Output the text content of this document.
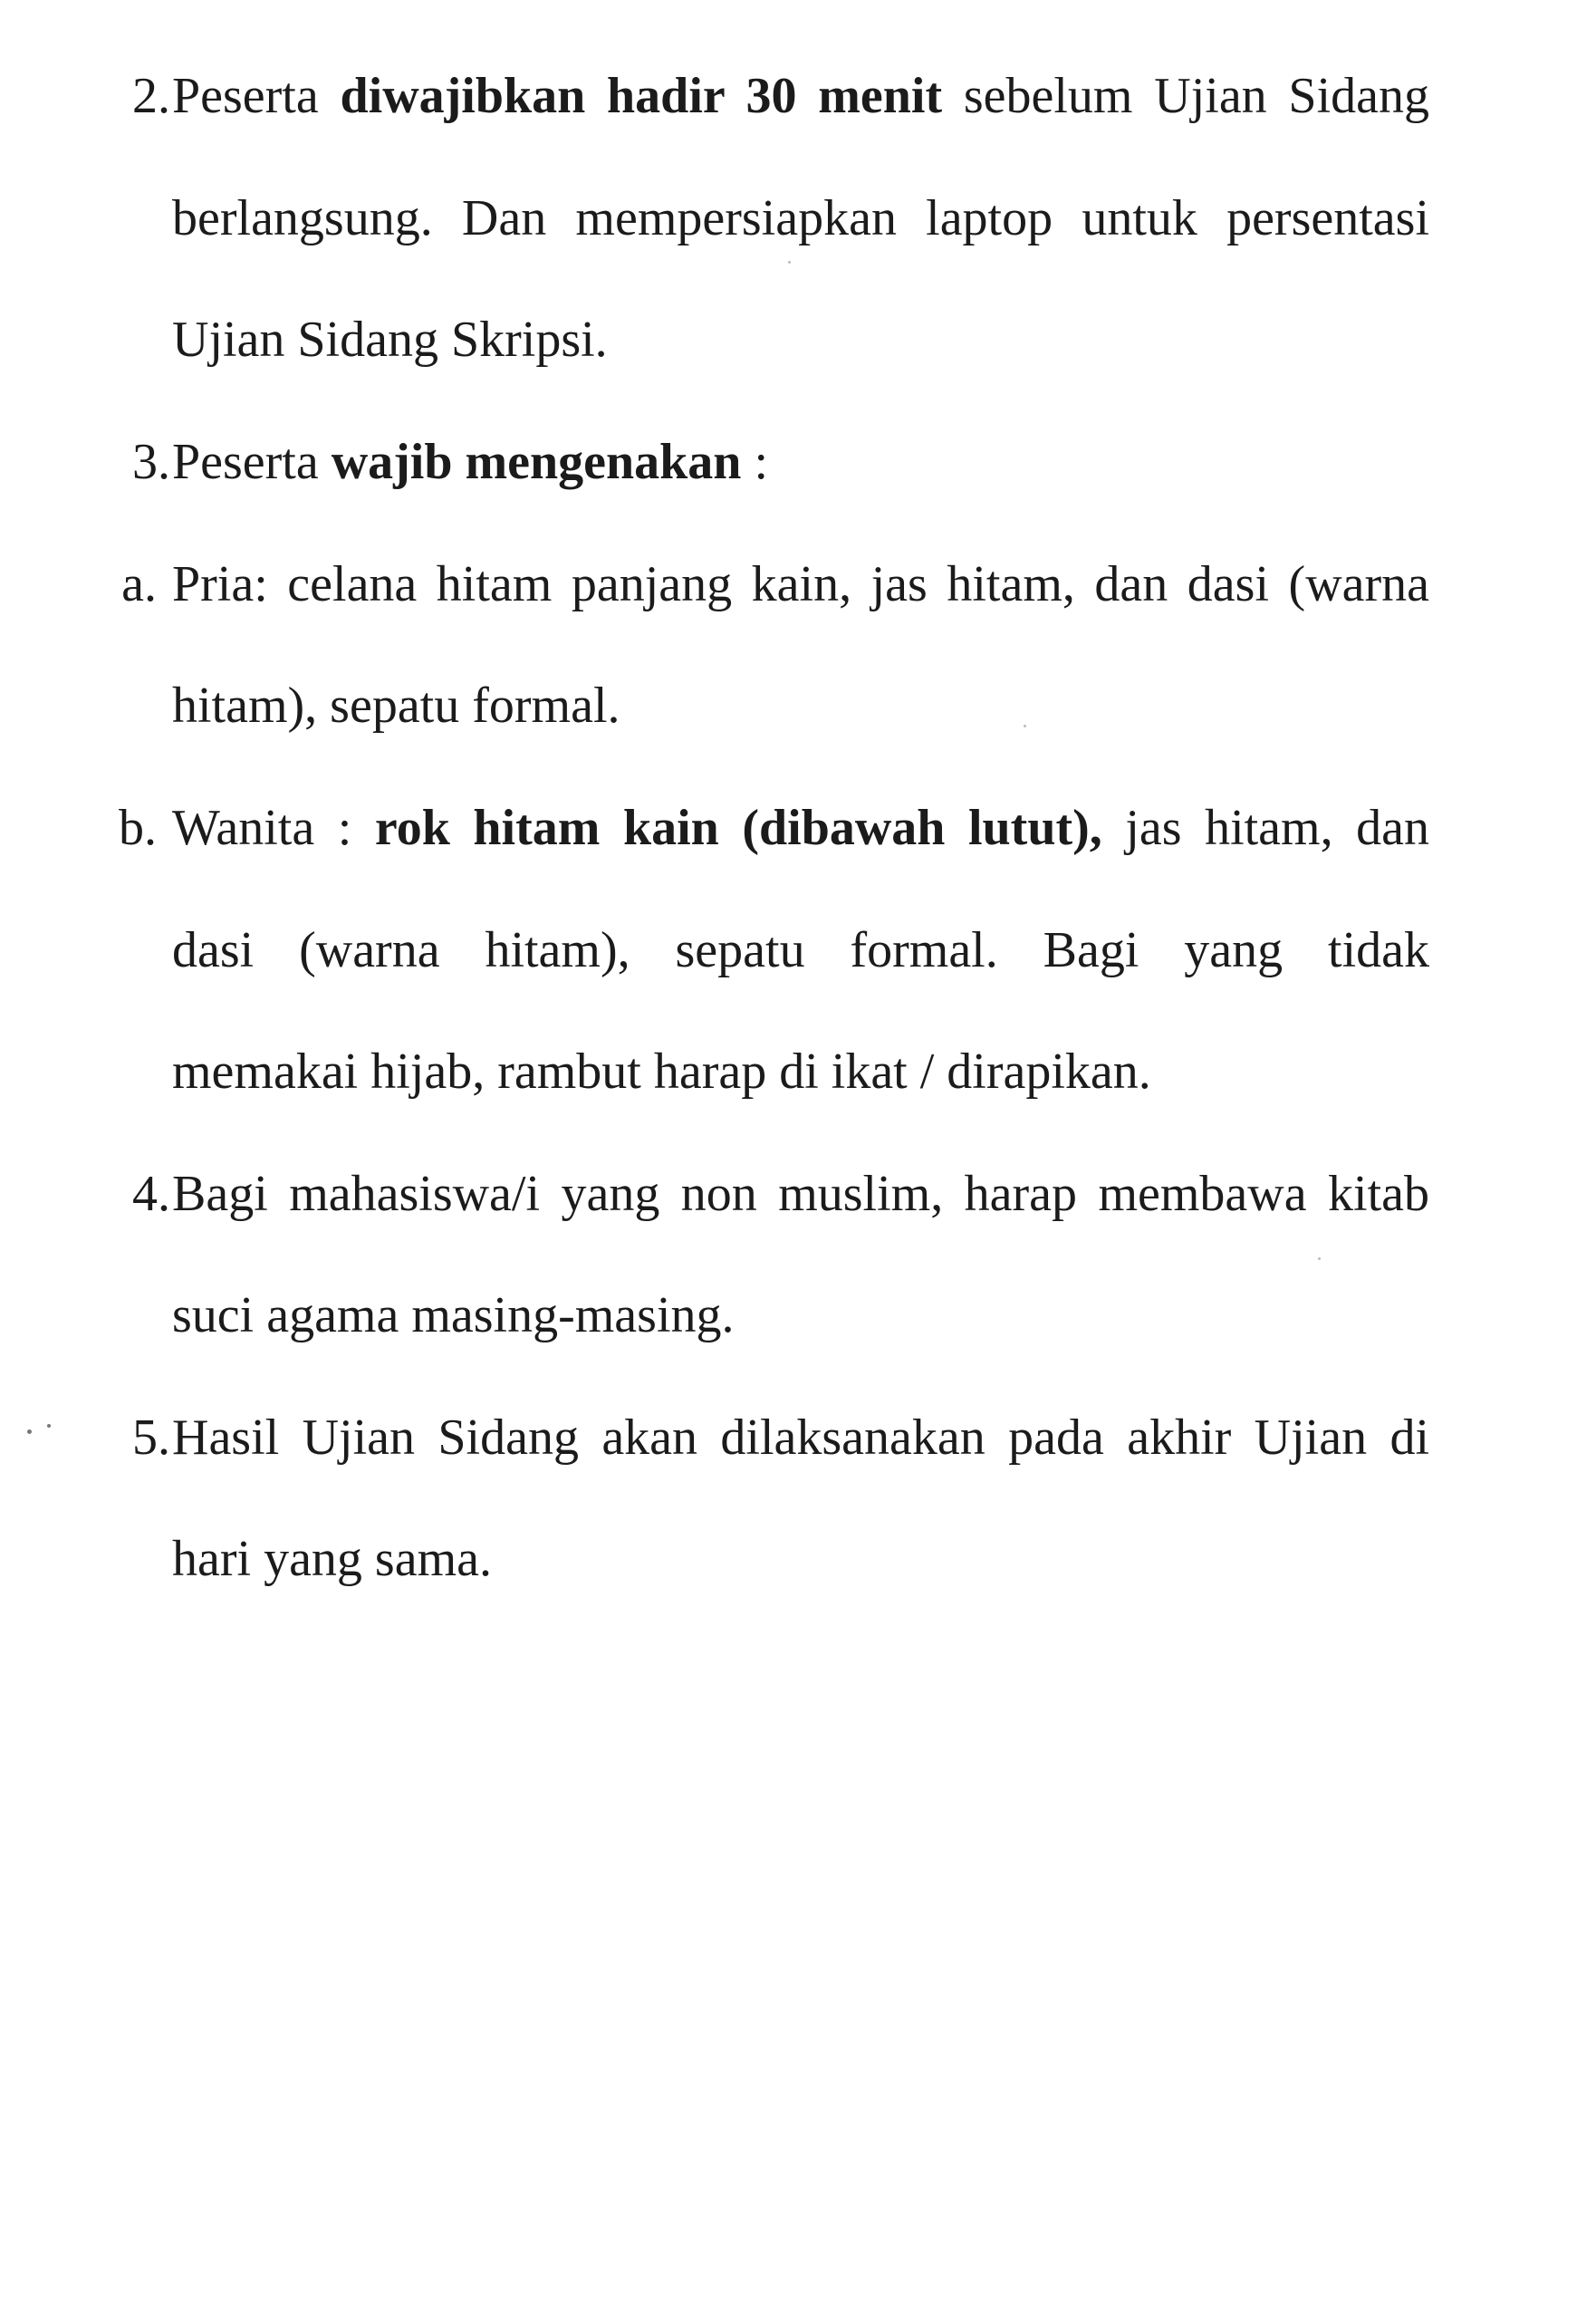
2. Peserta diwajibkan hadir 30 menit sebelum Ujian Sidang
berlangsung. Dan mempersiapkan laptop untuk persentasi
Ujian Sidang Skripsi.
3. Peserta wajib mengenakan :
a. Pria: celana hitam panjang kain, jas hitam, dan dasi (warna
hitam), sepatu formal.
b. Wanita : rok hitam kain (dibawah lutut), jas hitam, dan
dasi (warna hitam), sepatu formal. Bagi yang tidak
memakai hijab, rambut harap di ikat / dirapikan.
4. Bagi mahasiswa/i yang non muslim, harap membawa kitab
suci agama masing-masing.
5. Hasil Ujian Sidang akan dilaksanakan pada akhir Ujian di
hari yang sama.
